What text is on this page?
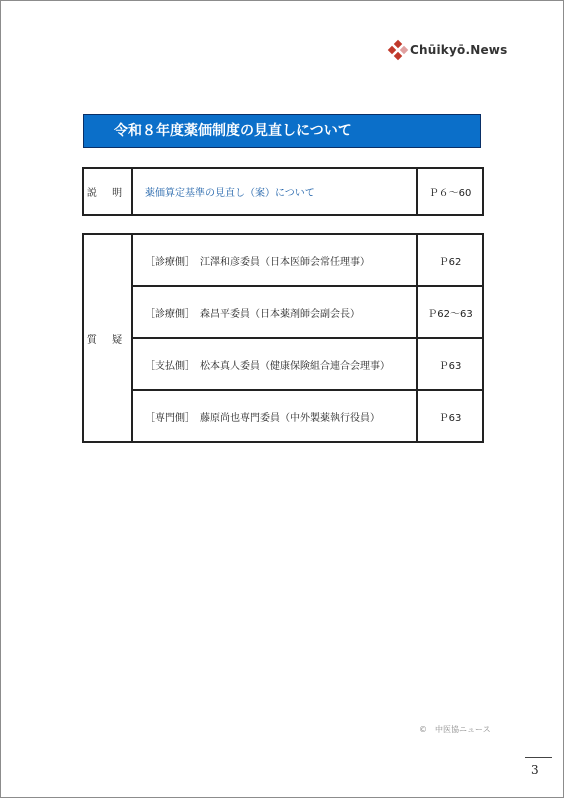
Chūikyō.News
令和８年度薬価制度の見直しについて
説 明	薬価算定基準の見直し（案）について	Ｐ６～60
質 疑	［診療側］　江澤和彦委員（日本医師会常任理事）	Ｐ62
	［診療側］　森昌平委員（日本薬剤師会副会長）	Ｐ62～63
	［支払側］　松本真人委員（健康保険組合連合会理事）	Ｐ63
	［専門側］　藤原尚也専門委員（中外製薬執行役員）	Ｐ63
©　中医協ニュース
3
